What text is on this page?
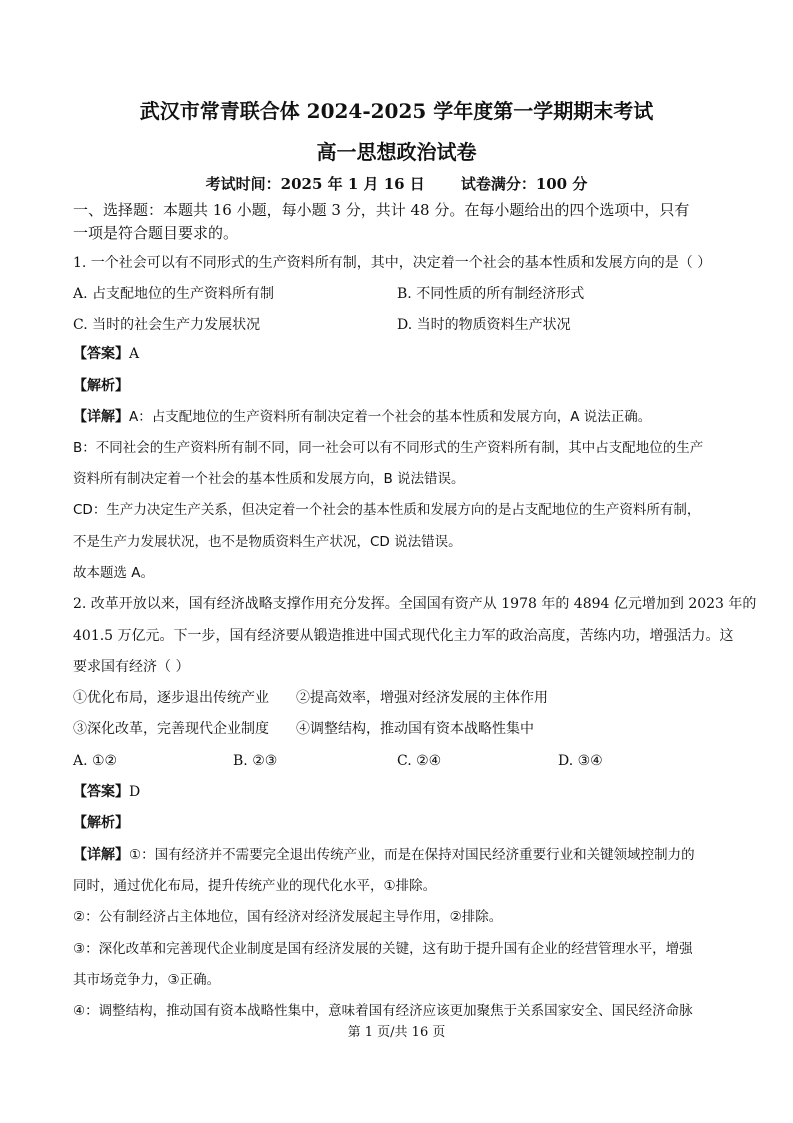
武汉市常青联合体 2024-2025 学年度第一学期期末考试
高一思想政治试卷
考试时间：2025 年 1 月 16 日 试卷满分：100 分
一、选择题：本题共 16 小题，每小题 3 分，共计 48 分。在每小题给出的四个选项中，只有
一项是符合题目要求的。
1. 一个社会可以有不同形式的生产资料所有制，其中，决定着一个社会的基本性质和发展方向的是（ ）
A. 占支配地位的生产资料所有制	B. 不同性质的所有制经济形式
C. 当时的社会生产力发展状况	D. 当时的物质资料生产状况
【答案】A
【解析】
【详解】A：占支配地位的生产资料所有制决定着一个社会的基本性质和发展方向，A 说法正确。
B：不同社会的生产资料所有制不同，同一社会可以有不同形式的生产资料所有制，其中占支配地位的生产
资料所有制决定着一个社会的基本性质和发展方向，B 说法错误。
CD：生产力决定生产关系，但决定着一个社会的基本性质和发展方向的是占支配地位的生产资料所有制，
不是生产力发展状况，也不是物质资料生产状况，CD 说法错误。
故本题选 A。
2. 改革开放以来，国有经济战略支撑作用充分发挥。全国国有资产从 1978 年的 4894 亿元增加到 2023 年的
401.5 万亿元。下一步，国有经济要从锻造推进中国式现代化主力军的政治高度，苦练内功，增强活力。这
要求国有经济（ ）
①优化布局，逐步退出传统产业 ②提高效率，增强对经济发展的主体作用
③深化改革，完善现代企业制度 ④调整结构，推动国有资本战略性集中
A. ①②	B. ②③	C. ②④	D. ③④
【答案】D
【解析】
【详解】①：国有经济并不需要完全退出传统产业，而是在保持对国民经济重要行业和关键领域控制力的
同时，通过优化布局，提升传统产业的现代化水平，①排除。
②：公有制经济占主体地位，国有经济对经济发展起主导作用，②排除。
③：深化改革和完善现代企业制度是国有经济发展的关键，这有助于提升国有企业的经营管理水平，增强
其市场竞争力，③正确。
④：调整结构，推动国有资本战略性集中，意味着国有经济应该更加聚焦于关系国家安全、国民经济命脉
第 1 页/共 16 页
